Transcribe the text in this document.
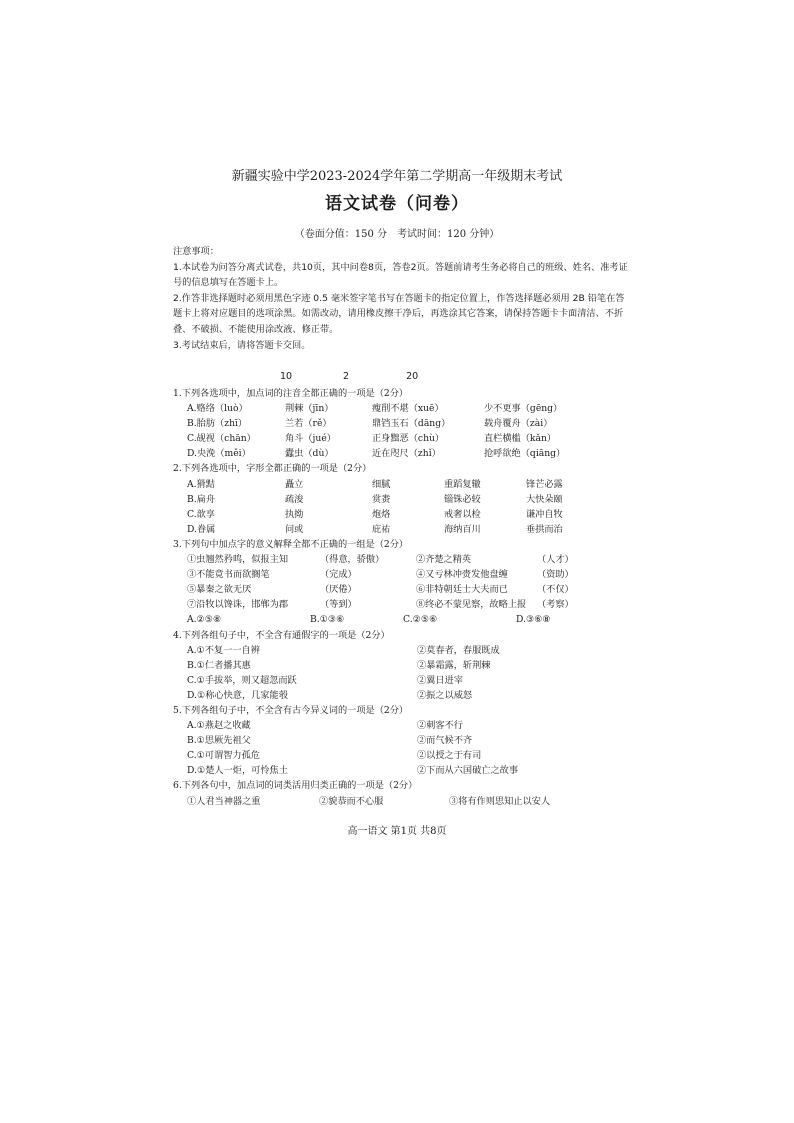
新疆实验中学2023-2024学年第二学期高一年级期末考试
语文试卷（问卷）
（卷面分值：150 分　考试时间：120 分钟）

注意事项：

1.本试卷为问答分离式试卷，共10页，其中问卷8页，答卷2页。答题前请考生务必将自己的班级、姓名、准考证号的信息填写在答题卡上。

2.作答非选择题时必须用黑色字迹 0.5 毫米签字笔书写在答题卡的指定位置上，作答选择题必须用 2B 铅笔在答题卡上将对应题目的选项涂黑。如需改动，请用橡皮擦干净后，再选涂其它答案，请保持答题卡卡面清洁、不折叠、不破损、不能使用涂改液、修正带。

3.考试结束后，请将答题卡交回。

10	2	20
1.下列各选项中，加点词的注音全都正确的一项是（2分）
A.赂络（luò）	荆棘（jīn）	瘦削不堪（xuē）	少不更事（gēng）
B.胎肪（zhī）	兰若（rě）	鼎铛玉石（dāng）	载舟覆舟（zài）
C.觇视（chān）	角斗（jué）	正身黜恶（chù）	直栏横槛（kǎn）
D.央浼（měi）	蠹虫（dù）	近在咫尺（zhǐ）	抢呼欲绝（qiāng）
2.下列各选项中，字形全都正确的一项是（2分）
A.猾黠	矗立	细腻	重蹈复辙	锋芒必露
B.扁舟	疏浚	赏赉	锱铢必较	大快朵颐
C.歆享	执拗	炮烙	戒奢以检	谦冲自牧
D.眷属	问或	庇祐	海纳百川	垂拱而治
3.下列句中加点字的意义解释全都不正确的一组是（2分）
①虫翘然矜鸣，似报主知	（得意，骄傲）	②齐楚之精英	（人才）
③不能竟书而欲搁笔	（完成）	④又亏林冲赍发他盘缠	（资助）
⑤暴秦之欲无厌	（厌倦）	⑥非特朝廷士大夫而已	（不仅）
⑦沿牧以馋诛，邯郸为郡	（等到）	⑧终必不蒙见察，故略上报	（考察）
A.②⑤⑧	B.①③⑥	C.②⑤⑥	D.③⑥⑧
4.下列各组句子中，不全含有通假字的一项是（2分）
A.①不复一一自辨	②莫春者，春服既成
B.①仁者播其惠	②暴霜露，斩荆棘
C.①手拔举，则又超忽而跃	②翼日进宰
D.①称心快意，几家能彀	②振之以威怒
5.下列各组句子中，不全含有古今异义词的一项是（2分）
A.①燕赵之收藏	②刺客不行
B.①思厥先祖父	②而气候不齐
C.①可谓智力孤危	②以授之于有司
D.①楚人一炬，可怜焦土	②下而从六国破亡之故事
6.下列各句中，加点词的词类活用归类正确的一项是（2分）
①人君当神器之重	②貌恭而不心服	③将有作则思知止以安人
高一语文 第1页 共8页
